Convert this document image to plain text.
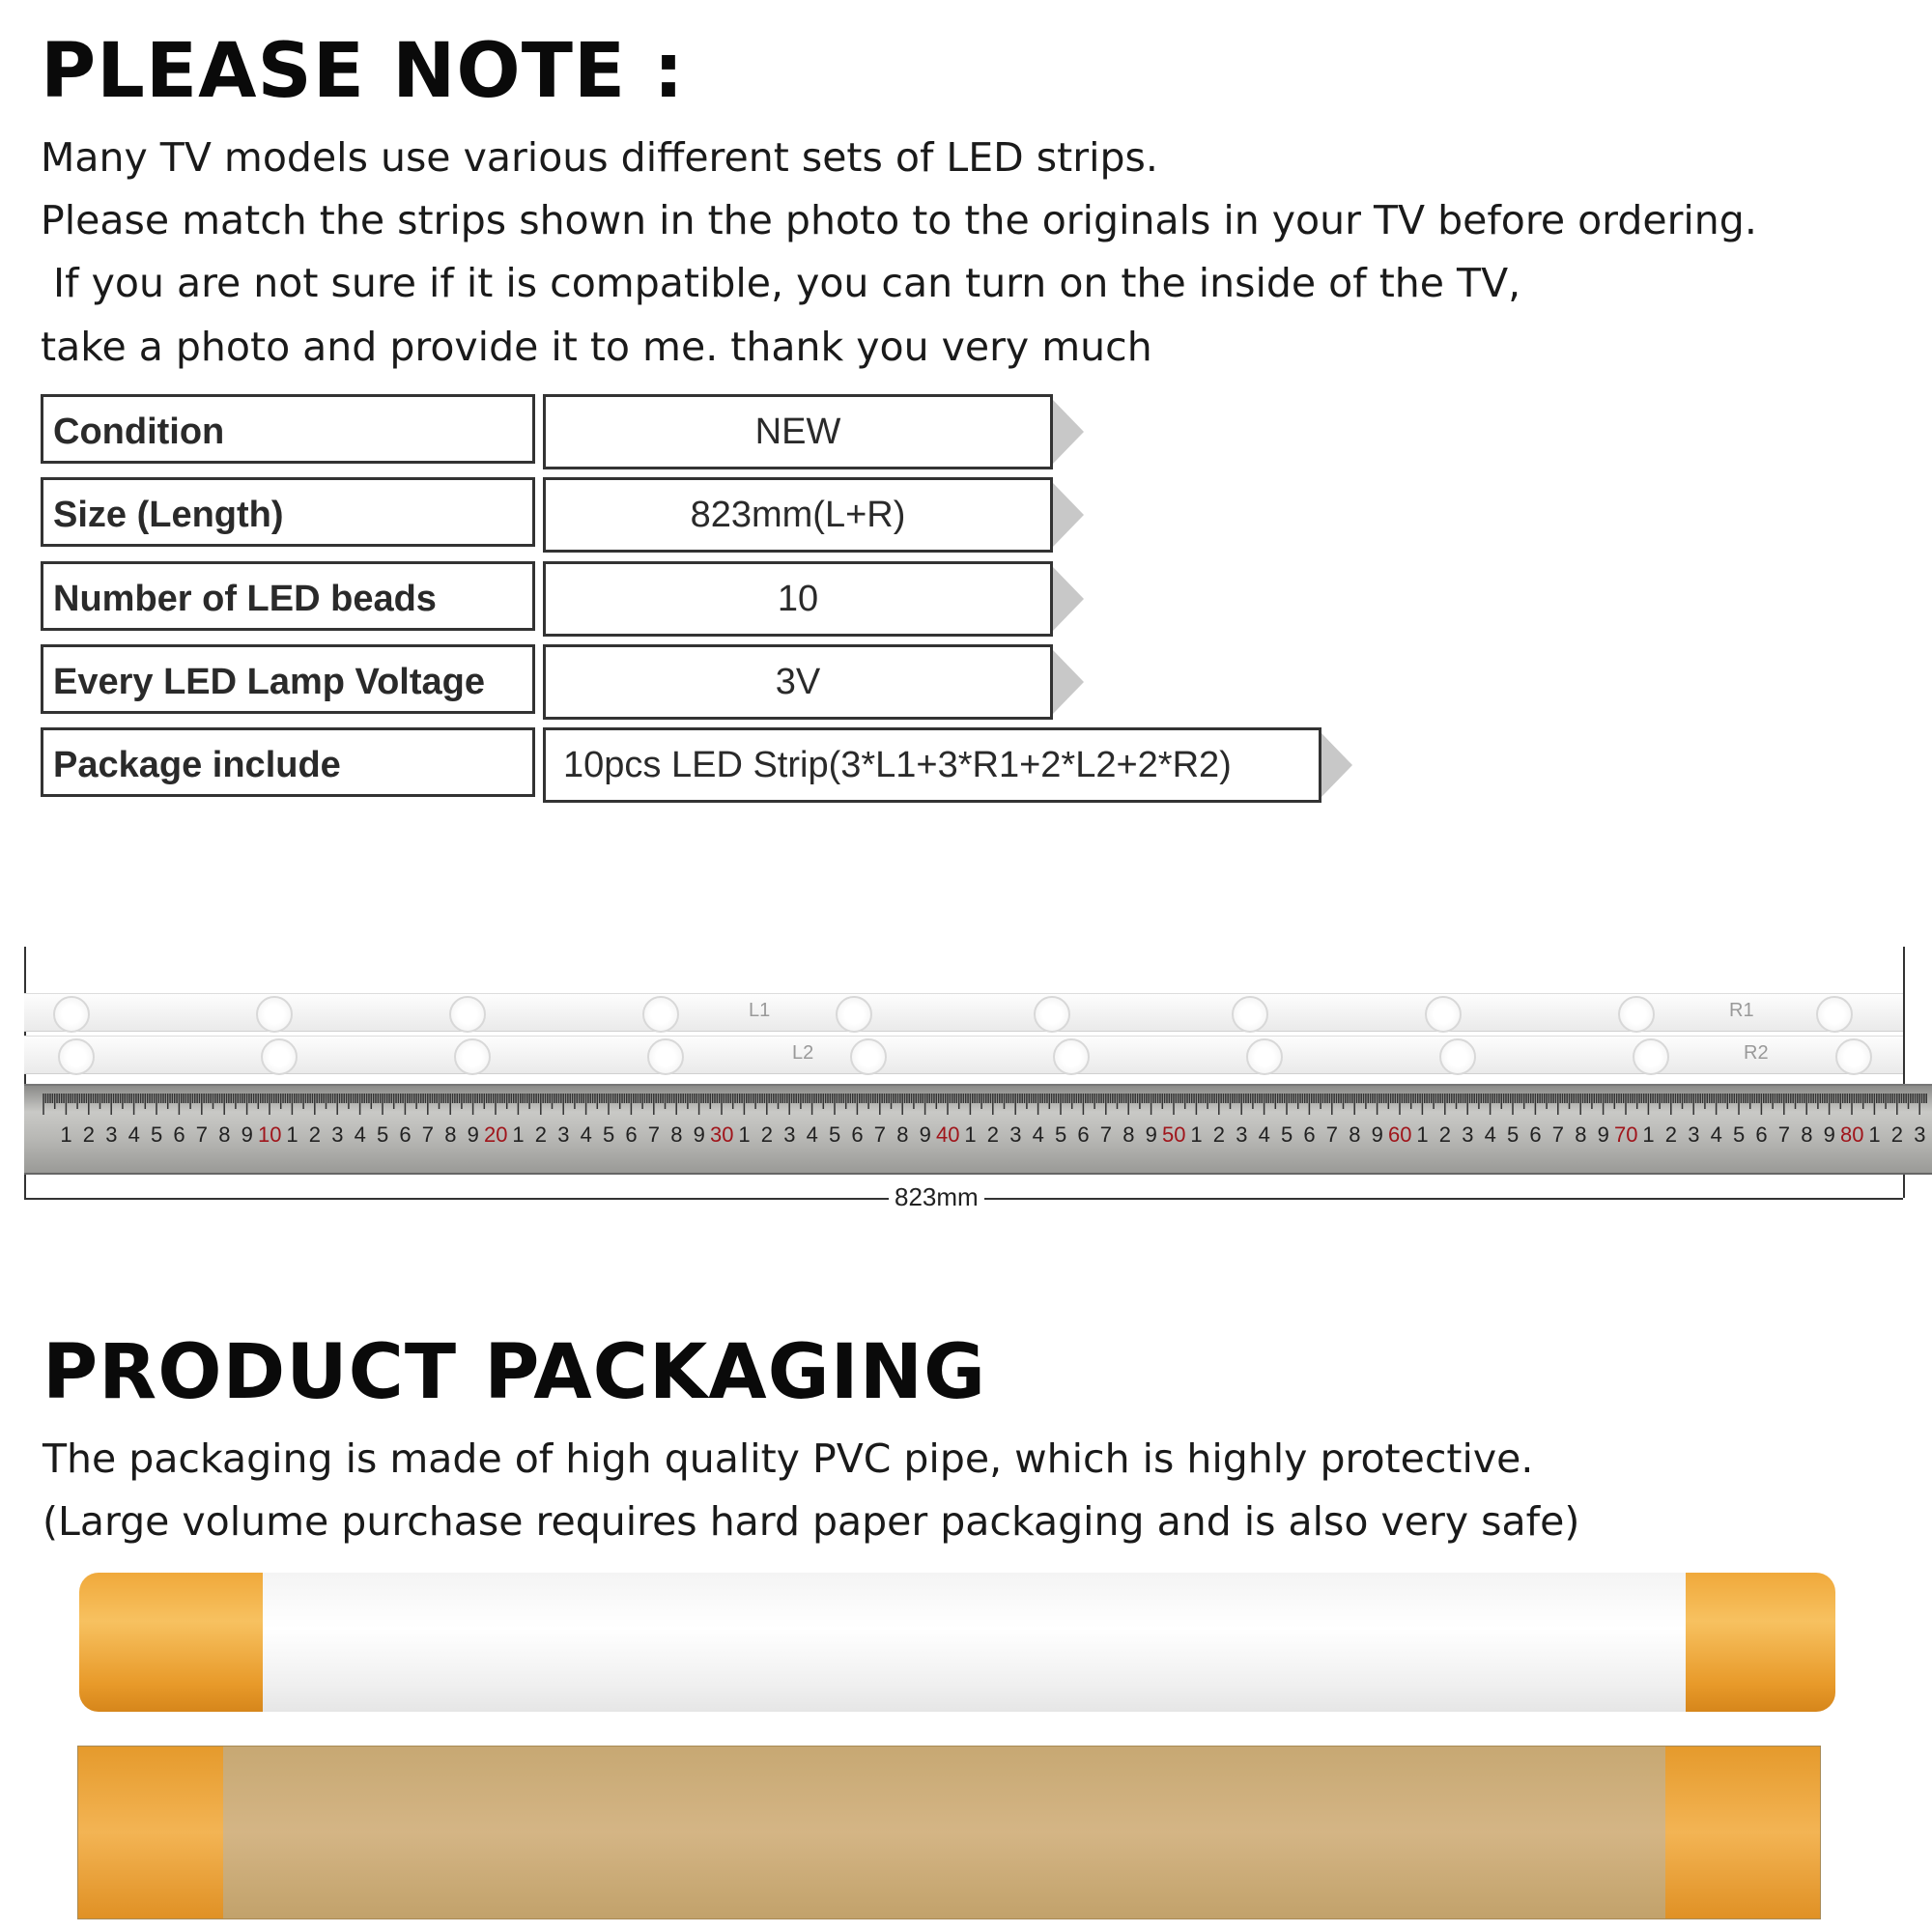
PLEASE NOTE :
Many TV models use various different sets of LED strips.
Please match the strips shown in the photo to the originals in your TV before ordering.
If you are not sure if it is compatible, you can turn on the inside of the TV,
take a photo and provide it to me. thank you very much
Condition	NEW
Size (Length)	823mm(L+R)
Number of LED beads	10
Every LED Lamp Voltage	3V
Package include	10pcs LED Strip(3*L1+3*R1+2*L2+2*R2)
L1	R1
L2	R2
1 2 3 4 5 6 7 8 9 10 1 2 3 4 5 6 7 8 9 20 1 2 3 4 5 6 7 8 9 30 1 2 3 4 5 6 7 8 9 40 1 2 3 4 5 6 7 8 9 50 1 2 3 4 5 6 7 8 9 60 1 2 3 4 5 6 7 8 9 70 1 2 3 4 5 6 7 8 9 80 1 2 3
823mm
PRODUCT PACKAGING
The packaging is made of high quality PVC pipe, which is highly protective.
(Large volume purchase requires hard paper packaging and is also very safe)
